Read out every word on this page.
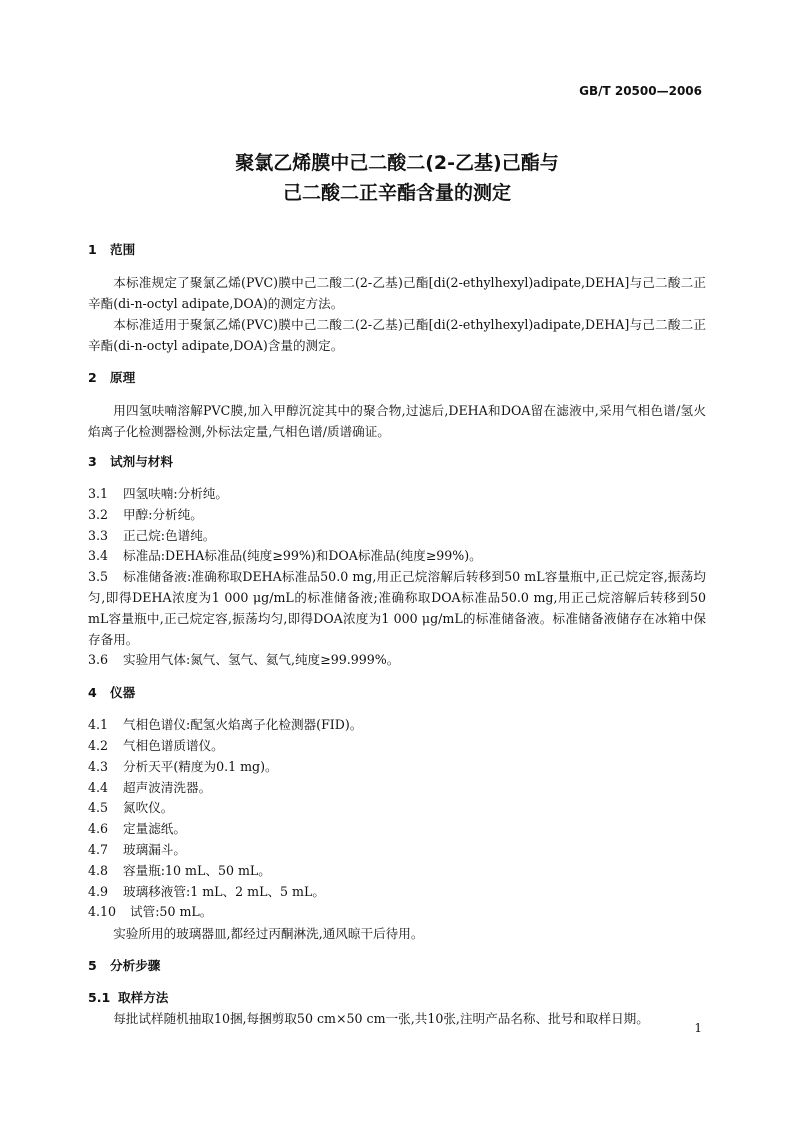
GB/T 20500—2006
聚氯乙烯膜中己二酸二(2-乙基)己酯与
己二酸二正辛酯含量的测定
1 范围

本标准规定了聚氯乙烯(PVC)膜中己二酸二(2-乙基)己酯[di(2-ethylhexyl)adipate,DEHA]与己二酸二正辛酯(di-n-octyl adipate,DOA)的测定方法。

本标准适用于聚氯乙烯(PVC)膜中己二酸二(2-乙基)己酯[di(2-ethylhexyl)adipate,DEHA]与己二酸二正辛酯(di-n-octyl adipate,DOA)含量的测定。

2 原理

用四氢呋喃溶解PVC膜,加入甲醇沉淀其中的聚合物,过滤后,DEHA和DOA留在滤液中,采用气相色谱/氢火焰离子化检测器检测,外标法定量,气相色谱/质谱确证。

3 试剂与材料

3.1 四氢呋喃:分析纯。

3.2 甲醇:分析纯。

3.3 正己烷:色谱纯。

3.4 标准品:DEHA标准品(纯度≥99%)和DOA标准品(纯度≥99%)。

3.5 标准储备液:准确称取DEHA标准品50.0 mg,用正己烷溶解后转移到50 mL容量瓶中,正己烷定容,振荡均匀,即得DEHA浓度为1 000 μg/mL的标准储备液;准确称取DOA标准品50.0 mg,用正己烷溶解后转移到50 mL容量瓶中,正己烷定容,振荡均匀,即得DOA浓度为1 000 μg/mL的标准储备液。标准储备液储存在冰箱中保存备用。

3.6 实验用气体:氮气、氢气、氦气,纯度≥99.999%。

4 仪器

4.1 气相色谱仪:配氢火焰离子化检测器(FID)。

4.2 气相色谱质谱仪。

4.3 分析天平(精度为0.1 mg)。

4.4 超声波清洗器。

4.5 氮吹仪。

4.6 定量滤纸。

4.7 玻璃漏斗。

4.8 容量瓶:10 mL、50 mL。

4.9 玻璃移液管:1 mL、2 mL、5 mL。

4.10 试管:50 mL。

实验所用的玻璃器皿,都经过丙酮淋洗,通风晾干后待用。

5 分析步骤
5.1 取样方法

每批试样随机抽取10捆,每捆剪取50 cm×50 cm一张,共10张,注明产品名称、批号和取样日期。

1
